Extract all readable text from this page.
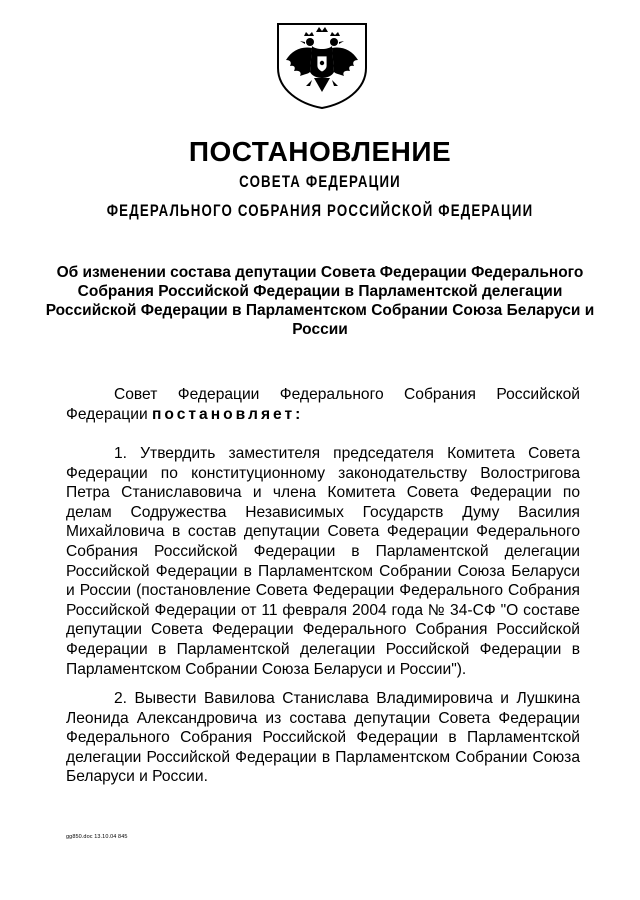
ПОСТАНОВЛЕНИЕ
СОВЕТА ФЕДЕРАЦИИ
ФЕДЕРАЛЬНОГО СОБРАНИЯ РОССИЙСКОЙ ФЕДЕРАЦИИ
Об изменении состава депутации Совета Федерации Федерального Собрания Российской Федерации в Парламентской делегации Российской Федерации в Парламентском Собрании Союза Беларуси и России

Совет Федерации Федерального Собрания Российской Федерации постановляет:

1. Утвердить заместителя председателя Комитета Совета Федерации по конституционному законодательству Волостригова Петра Станиславовича и члена Комитета Совета Федерации по делам Содружества Независимых Государств Думу Василия Михайловича в состав депутации Совета Федерации Федерального Собрания Российской Федерации в Парламентской делегации Российской Федерации в Парламентском Собрании Союза Беларуси и России (постановление Совета Федерации Федерального Собрания Российской Федерации от 11 февраля 2004 года № 34-СФ "О составе депутации Совета Федерации Федерального Собрания Российской Федерации в Парламентской делегации Российской Федерации в Парламентском Собрании Союза Беларуси и России").

2. Вывести Вавилова Станислава Владимировича и Лушкина Леонида Александровича из состава депутации Совета Федерации Федерального Собрания Российской Федерации в Парламентской делегации Российской Федерации в Парламентском Собрании Союза Беларуси и России.

gg850.doc 13.10.04 845
